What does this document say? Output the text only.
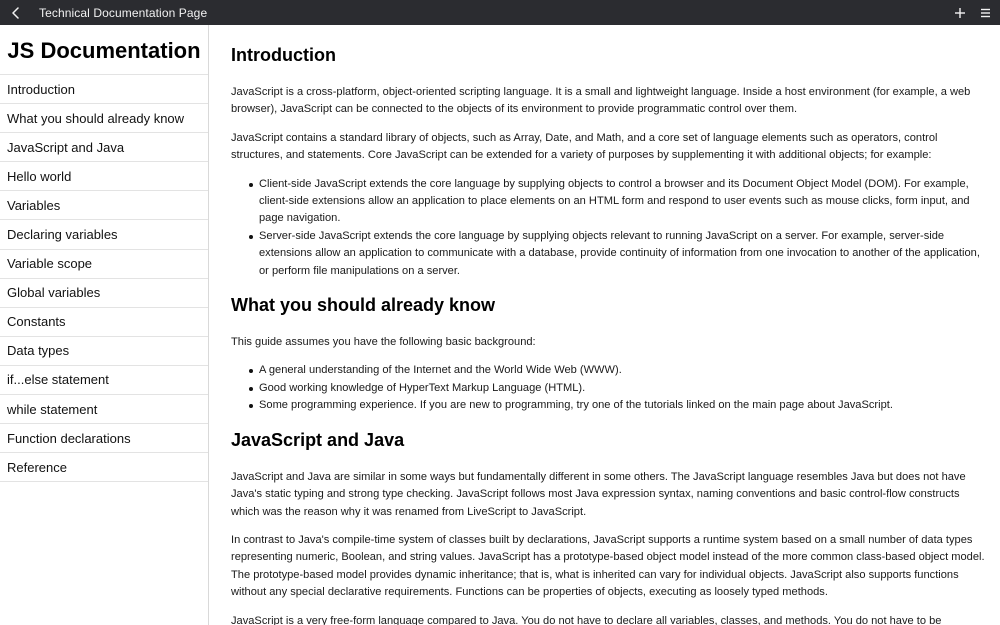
Technical Documentation Page
JS Documentation
Introduction
What you should already know
JavaScript and Java
Hello world
Variables
Declaring variables
Variable scope
Global variables
Constants
Data types
if...else statement
while statement
Function declarations
Reference
Introduction

JavaScript is a cross-platform, object-oriented scripting language. It is a small and lightweight language. Inside a host environment (for example, a web browser), JavaScript can be connected to the objects of its environment to provide programmatic control over them.

JavaScript contains a standard library of objects, such as Array, Date, and Math, and a core set of language elements such as operators, control structures, and statements. Core JavaScript can be extended for a variety of purposes by supplementing it with additional objects; for example:

Client-side JavaScript extends the core language by supplying objects to control a browser and its Document Object Model (DOM). For example, client-side extensions allow an application to place elements on an HTML form and respond to user events such as mouse clicks, form input, and page navigation.
Server-side JavaScript extends the core language by supplying objects relevant to running JavaScript on a server. For example, server-side extensions allow an application to communicate with a database, provide continuity of information from one invocation to another of the application, or perform file manipulations on a server.
What you should already know

This guide assumes you have the following basic background:

A general understanding of the Internet and the World Wide Web (WWW).
Good working knowledge of HyperText Markup Language (HTML).
Some programming experience. If you are new to programming, try one of the tutorials linked on the main page about JavaScript.
JavaScript and Java

JavaScript and Java are similar in some ways but fundamentally different in some others. The JavaScript language resembles Java but does not have Java's static typing and strong type checking. JavaScript follows most Java expression syntax, naming conventions and basic control-flow constructs which was the reason why it was renamed from LiveScript to JavaScript.

In contrast to Java's compile-time system of classes built by declarations, JavaScript supports a runtime system based on a small number of data types representing numeric, Boolean, and string values. JavaScript has a prototype-based object model instead of the more common class-based object model. The prototype-based model provides dynamic inheritance; that is, what is inherited can vary for individual objects. JavaScript also supports functions without any special declarative requirements. Functions can be properties of objects, executing as loosely typed methods.

JavaScript is a very free-form language compared to Java. You do not have to declare all variables, classes, and methods. You do not have to be
